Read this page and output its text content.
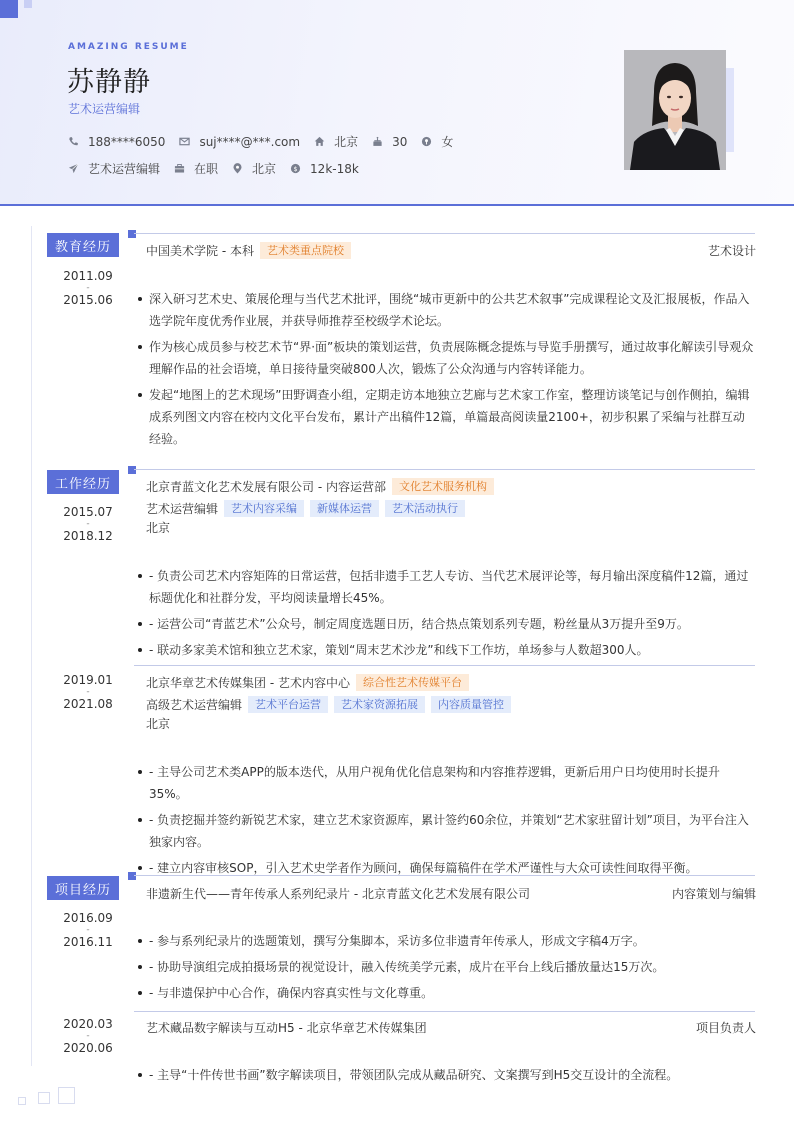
AMAZING RESUME
苏静静
艺术运营编辑
188****6050	suj****@***.com	北京	30	女
艺术运营编辑	在职	北京 $ 12k-18k
教育经历
2011.09
-
2015.06
中国美术学院 - 本科	艺术类重点院校	艺术设计
深入研习艺术史、策展伦理与当代艺术批评，围绕“城市更新中的公共艺术叙事”完成课程论文及汇报展板，作品入选学院年度优秀作业展，并获导师推荐至校级学术论坛。
作为核心成员参与校艺术节“界·面”板块的策划运营，负责展陈概念提炼与导览手册撰写，通过故事化解读引导观众理解作品的社会语境，单日接待量突破800人次，锻炼了公众沟通与内容转译能力。
发起“地图上的艺术现场”田野调查小组，定期走访本地独立艺廊与艺术家工作室，整理访谈笔记与创作侧拍，编辑成系列图文内容在校内文化平台发布，累计产出稿件12篇，单篇最高阅读量2100+，初步积累了采编与社群互动经验。
工作经历
2015.07
-
2018.12
北京青蓝文化艺术发展有限公司 - 内容运营部	文化艺术服务机构
艺术运营编辑	艺术内容采编	新媒体运营	艺术活动执行
北京
- 负责公司艺术内容矩阵的日常运营，包括非遗手工艺人专访、当代艺术展评论等，每月输出深度稿件12篇，通过标题优化和社群分发，平均阅读量增长45%。
- 运营公司“青蓝艺术”公众号，制定周度选题日历，结合热点策划系列专题，粉丝量从3万提升至9万。
- 联动多家美术馆和独立艺术家，策划“周末艺术沙龙”和线下工作坊，单场参与人数超300人。
2019.01
-
2021.08
北京华章艺术传媒集团 - 艺术内容中心	综合性艺术传媒平台
高级艺术运营编辑	艺术平台运营	艺术家资源拓展	内容质量管控
北京
- 主导公司艺术类APP的版本迭代，从用户视角优化信息架构和内容推荐逻辑，更新后用户日均使用时长提升35%。
- 负责挖掘并签约新锐艺术家，建立艺术家资源库，累计签约60余位，并策划“艺术家驻留计划”项目，为平台注入独家内容。
- 建立内容审核SOP，引入艺术史学者作为顾问，确保每篇稿件在学术严谨性与大众可读性间取得平衡。
项目经历
2016.09
-
2016.11
非遗新生代——青年传承人系列纪录片 - 北京青蓝文化艺术发展有限公司	内容策划与编辑
- 参与系列纪录片的选题策划，撰写分集脚本，采访多位非遗青年传承人，形成文字稿4万字。
- 协助导演组完成拍摄场景的视觉设计，融入传统美学元素，成片在平台上线后播放量达15万次。
- 与非遗保护中心合作，确保内容真实性与文化尊重。
2020.03
-
2020.06
艺术藏品数字解读与互动H5 - 北京华章艺术传媒集团	项目负责人
- 主导“十件传世书画”数字解读项目，带领团队完成从藏品研究、文案撰写到H5交互设计的全流程。
